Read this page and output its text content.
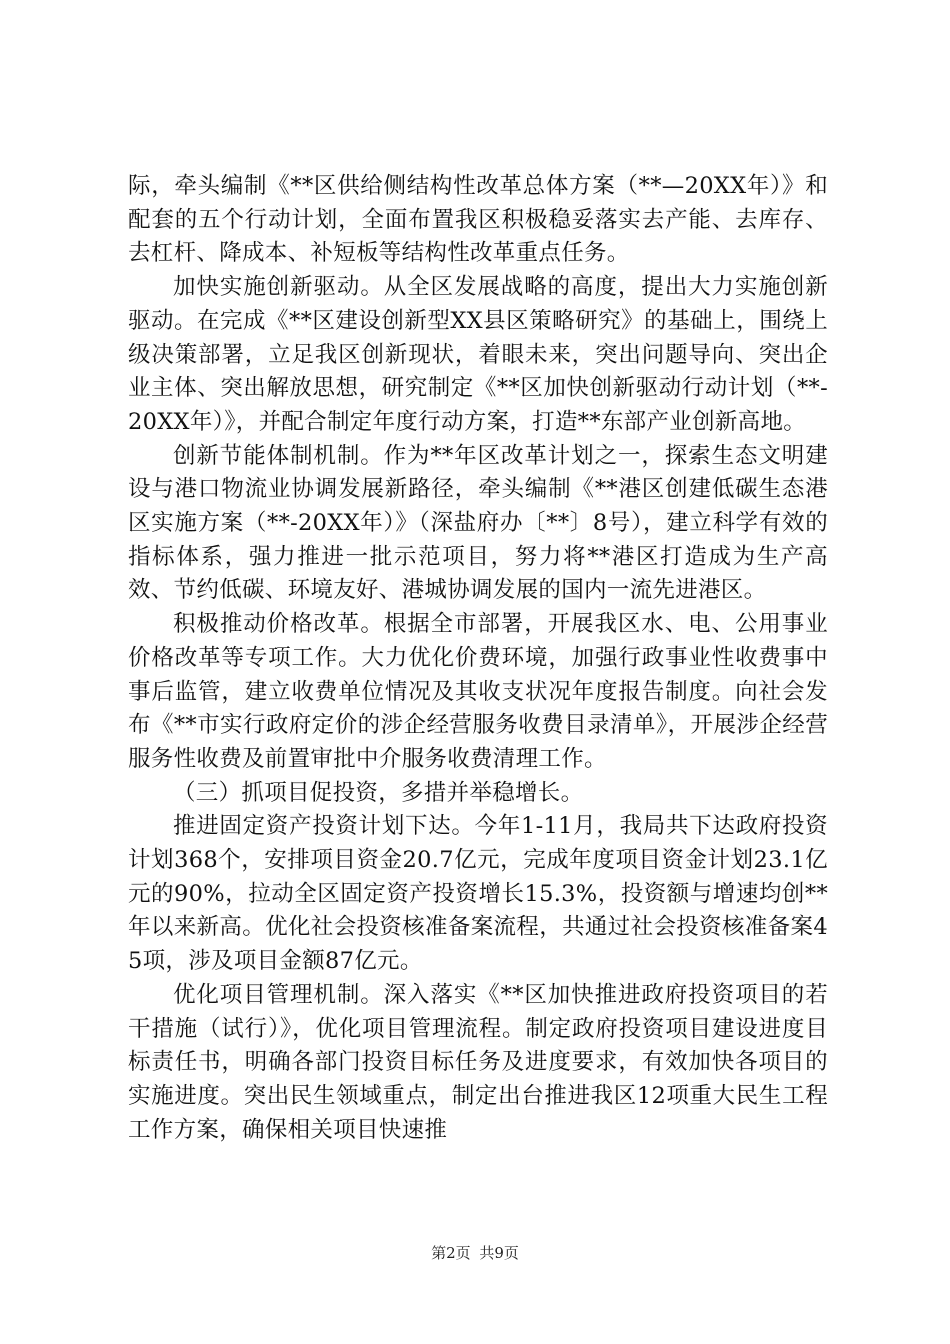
际，牵头编制《**区供给侧结构性改革总体方案（**—20XX年）》和配套的五个行动计划，全面布置我区积极稳妥落实去产能、去库存、去杠杆、降成本、补短板等结构性改革重点任务。

加快实施创新驱动。从全区发展战略的高度，提出大力实施创新驱动。在完成《**区建设创新型XX县区策略研究》的基础上，围绕上级决策部署，立足我区创新现状，着眼未来，突出问题导向、突出企业主体、突出解放思想，研究制定《**区加快创新驱动行动计划（**-20XX年）》，并配合制定年度行动方案，打造**东部产业创新高地。

创新节能体制机制。作为**年区改革计划之一，探索生态文明建设与港口物流业协调发展新路径，牵头编制《**港区创建低碳生态港区实施方案（**-20XX年）》（深盐府办〔**〕8号），建立科学有效的指标体系，强力推进一批示范项目，努力将**港区打造成为生产高效、节约低碳、环境友好、港城协调发展的国内一流先进港区。

积极推动价格改革。根据全市部署，开展我区水、电、公用事业价格改革等专项工作。大力优化价费环境，加强行政事业性收费事中事后监管，建立收费单位情况及其收支状况年度报告制度。向社会发布《**市实行政府定价的涉企经营服务收费目录清单》，开展涉企经营服务性收费及前置审批中介服务收费清理工作。

（三）抓项目促投资，多措并举稳增长。

推进固定资产投资计划下达。今年1-11月，我局共下达政府投资计划368个，安排项目资金20.7亿元，完成年度项目资金计划23.1亿元的90%，拉动全区固定资产投资增长15.3%，投资额与增速均创**年以来新高。优化社会投资核准备案流程，共通过社会投资核准备案45项，涉及项目金额87亿元。

优化项目管理机制。深入落实《**区加快推进政府投资项目的若干措施（试行）》，优化项目管理流程。制定政府投资项目建设进度目标责任书，明确各部门投资目标任务及进度要求，有效加快各项目的实施进度。突出民生领域重点，制定出台推进我区12项重大民生工程工作方案，确保相关项目快速推

第2页 共9页
